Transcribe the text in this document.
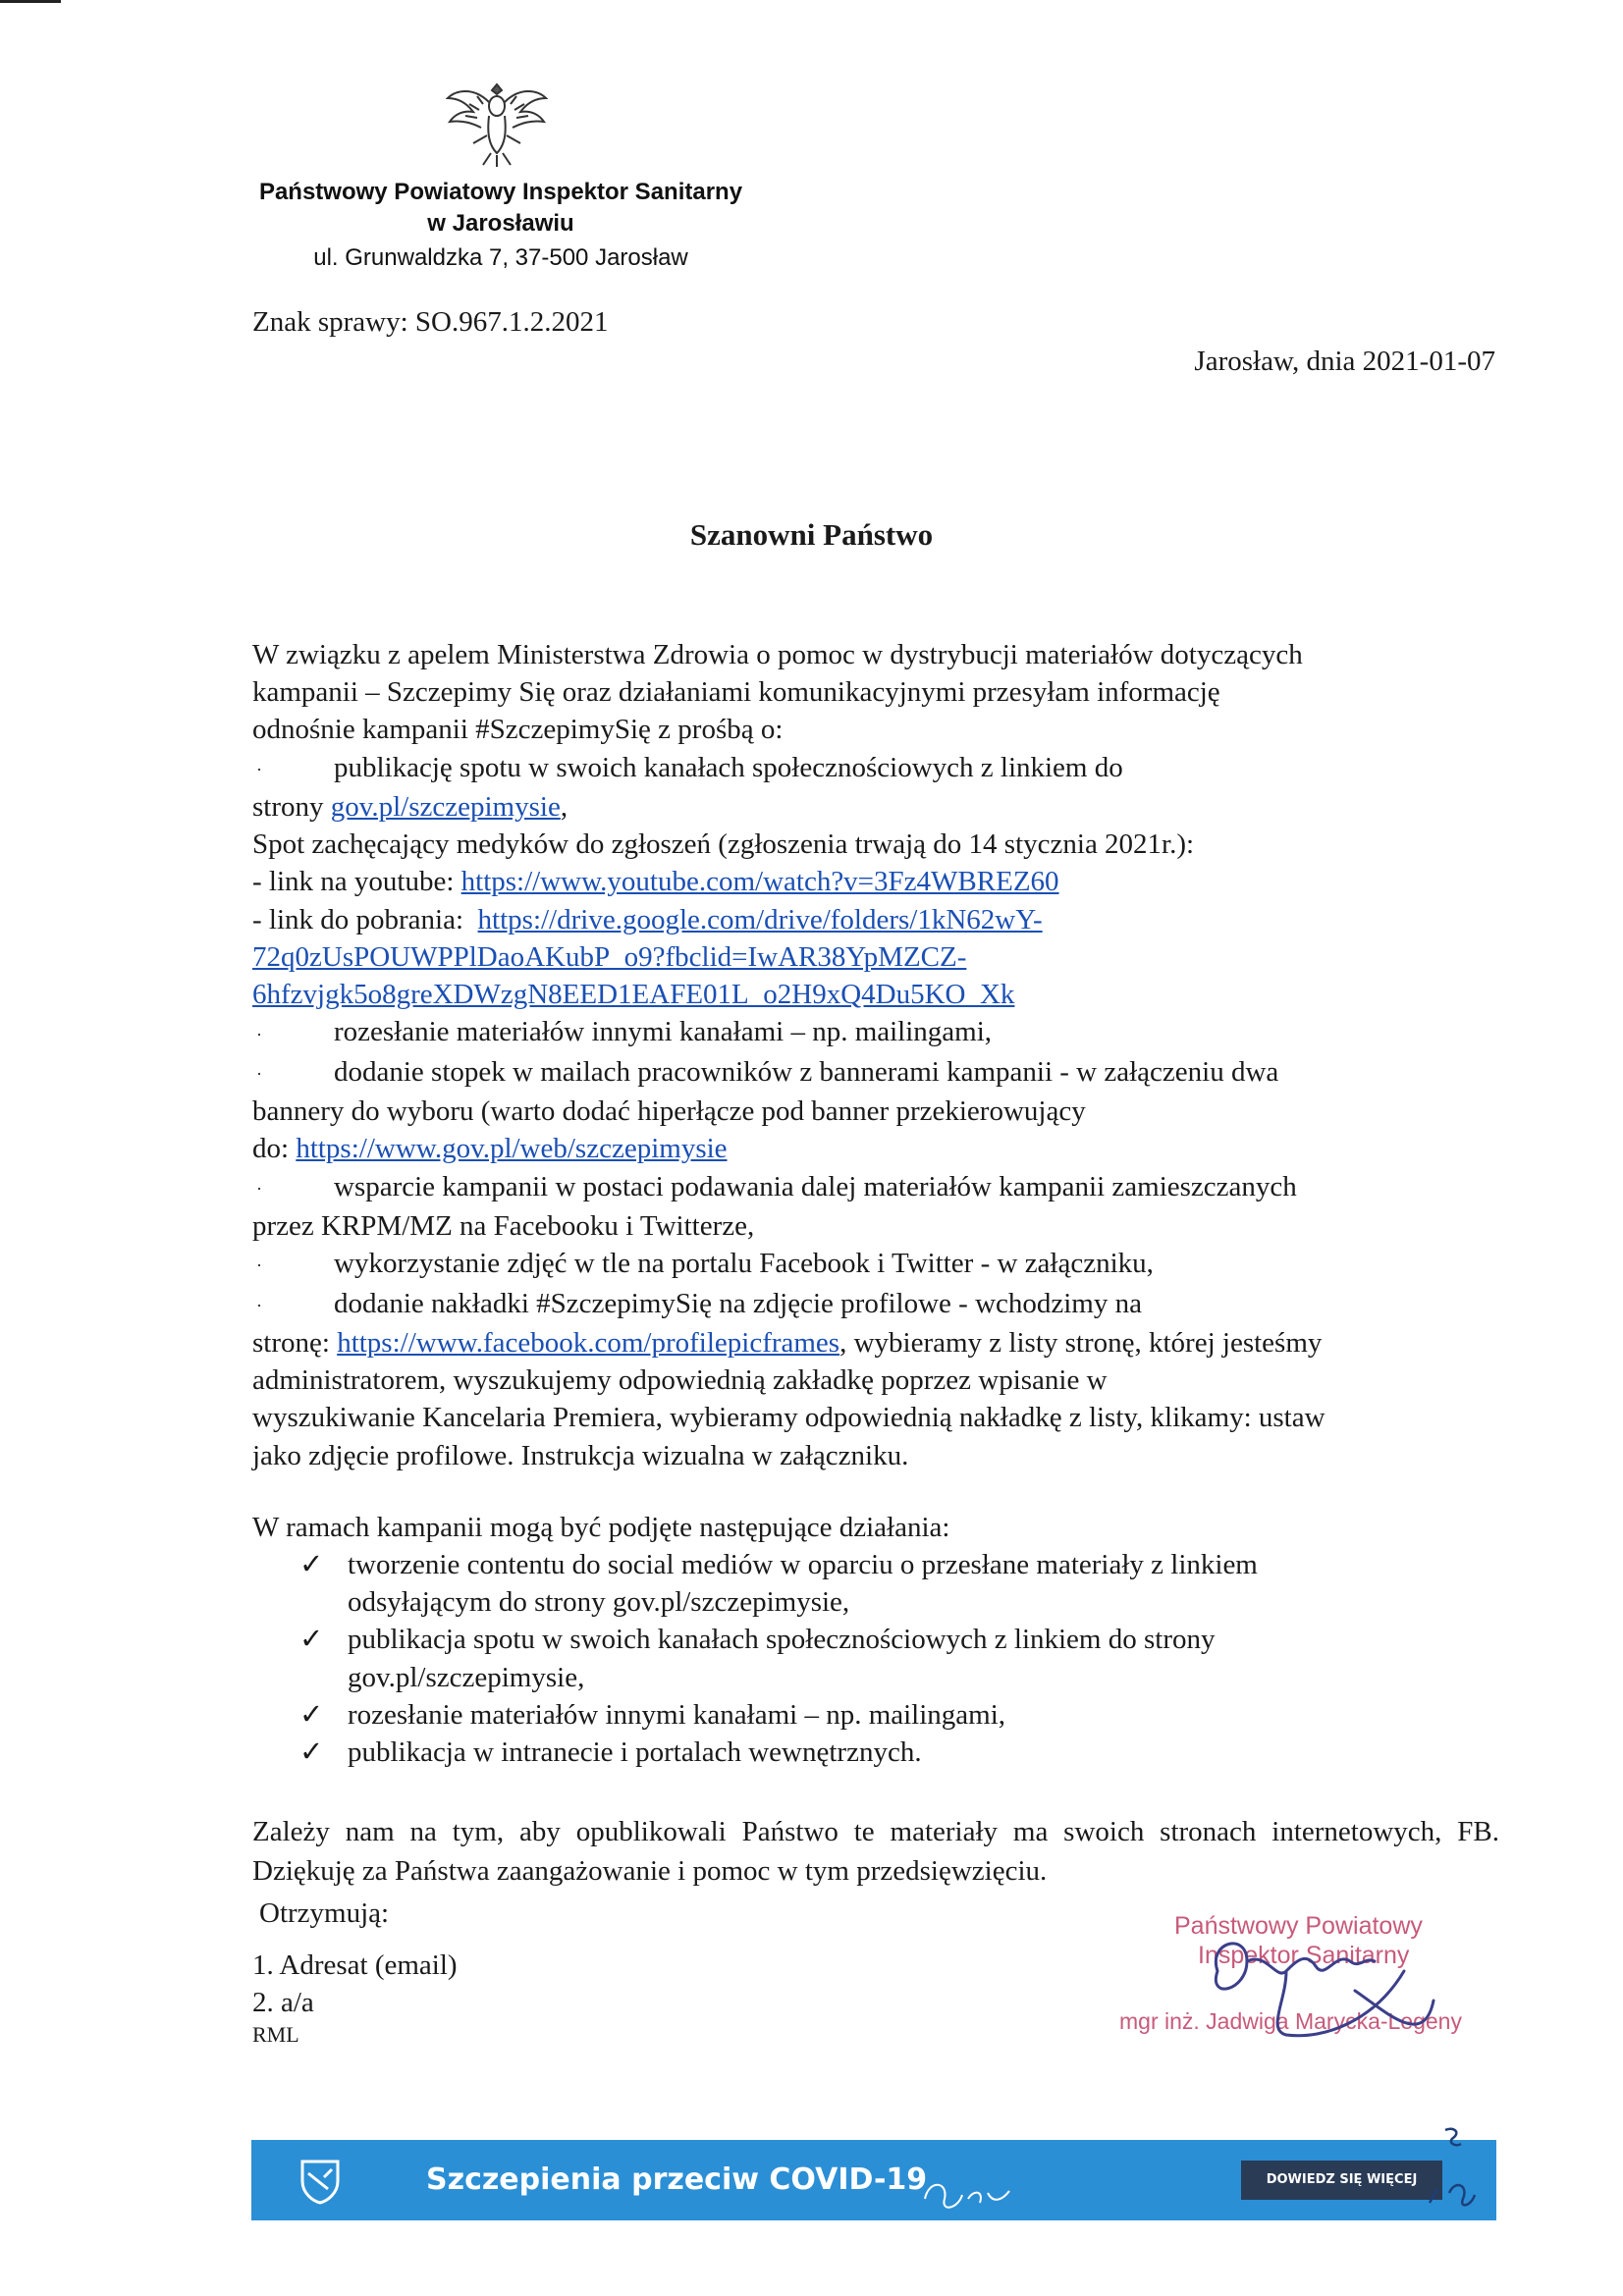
Państwowy Powiatowy Inspektor Sanitarny
w Jarosławiu
ul. Grunwaldzka 7, 37-500 Jarosław
Znak sprawy: SO.967.1.2.2021
Jarosław, dnia 2021-01-07
Szanowni Państwo

W związku z apelem Ministerstwa Zdrowia o pomoc w dystrybucji materiałów dotyczących

kampanii – Szczepimy Się oraz działaniami komunikacyjnymi przesyłam informację

odnośnie kampanii #SzczepimySię z prośbą o:

·	publikację spotu w swoich kanałach społecznościowych z linkiem do

strony gov.pl/szczepimysie,

Spot zachęcający medyków do zgłoszeń (zgłoszenia trwają do 14 stycznia 2021r.):

- link na youtube: https://www.youtube.com/watch?v=3Fz4WBREZ60

- link do pobrania:  https://drive.google.com/drive/folders/1kN62wY-

72q0zUsPOUWPPlDaoAKubP_o9?fbclid=IwAR38YpMZCZ-

6hfzvjgk5o8greXDWzgN8EED1EAFE01L_o2H9xQ4Du5KO_Xk

·	rozesłanie materiałów innymi kanałami – np. mailingami,

·	dodanie stopek w mailach pracowników z bannerami kampanii - w załączeniu dwa

bannery do wyboru (warto dodać hiperłącze pod banner przekierowujący

do: https://www.gov.pl/web/szczepimysie

·	wsparcie kampanii w postaci podawania dalej materiałów kampanii zamieszczanych

przez KRPM/MZ na Facebooku i Twitterze,

·	wykorzystanie zdjęć w tle na portalu Facebook i Twitter - w załączniku,

·	dodanie nakładki #SzczepimySię na zdjęcie profilowe - wchodzimy na

stronę: https://www.facebook.com/profilepicframes, wybieramy z listy stronę, której jesteśmy

administratorem, wyszukujemy odpowiednią zakładkę poprzez wpisanie w

wyszukiwanie Kancelaria Premiera, wybieramy odpowiednią nakładkę z listy, klikamy: ustaw

jako zdjęcie profilowe. Instrukcja wizualna w załączniku.

W ramach kampanii mogą być podjęte następujące działania:

✓ tworzenie contentu do social mediów w oparciu o przesłane materiały z linkiem
odsyłającym do strony gov.pl/szczepimysie,
✓ publikacja spotu w swoich kanałach społecznościowych z linkiem do strony
gov.pl/szczepimysie,
✓ rozesłanie materiałów innymi kanałami – np. mailingami,
✓ publikacja w intranecie i portalach wewnętrznych.

Zależy nam na tym, aby opublikowali Państwo te materiały ma swoich stronach internetowych, FB. Dziękuję za Państwa zaangażowanie i pomoc w tym przedsięwzięciu.

Otrzymują:

1. Adresat (email)

2. a/a

RML

Państwowy Powiatowy
Inspektor Sanitarny
mgr inż. Jadwiga Marycka-Legeny
Szczepienia przeciw COVID-19	DOWIEDZ SIĘ WIĘCEJ
